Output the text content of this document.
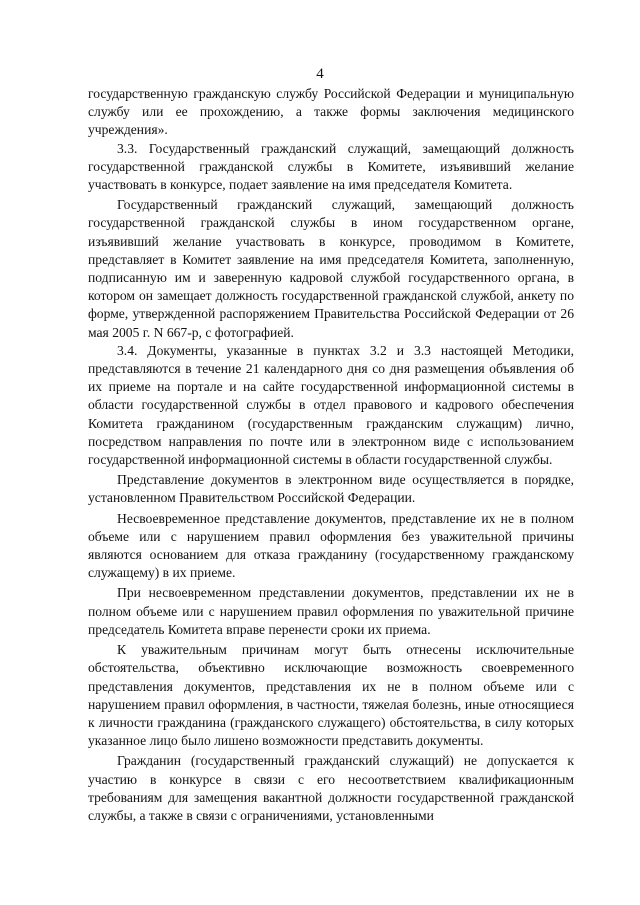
4

государственную гражданскую службу Российской Федерации и муниципальную службу или ее прохождению, а также формы заключения медицинского учреждения».

3.3. Государственный гражданский служащий, замещающий должность государственной гражданской службы в Комитете, изъявивший желание участвовать в конкурсе, подает заявление на имя председателя Комитета.

Государственный гражданский служащий, замещающий должность государственной гражданской службы в ином государственном органе, изъявивший желание участвовать в конкурсе, проводимом в Комитете, представляет в Комитет заявление на имя председателя Комитета, заполненную, подписанную им и заверенную кадровой службой государственного органа, в котором он замещает должность государственной гражданской службой, анкету по форме, утвержденной распоряжением Правительства Российской Федерации от 26 мая 2005 г. N 667-р, с фотографией.

3.4. Документы, указанные в пунктах 3.2 и 3.3 настоящей Методики, представляются в течение 21 календарного дня со дня размещения объявления об их приеме на портале и на сайте государственной информационной системы в области государственной службы в отдел правового и кадрового обеспечения Комитета гражданином (государственным гражданским служащим) лично, посредством направления по почте или в электронном виде с использованием государственной информационной системы в области государственной службы.

Представление документов в электронном виде осуществляется в порядке, установленном Правительством Российской Федерации.

Несвоевременное представление документов, представление их не в полном объеме или с нарушением правил оформления без уважительной причины являются основанием для отказа гражданину (государственному гражданскому служащему) в их приеме.

При несвоевременном представлении документов, представлении их не в полном объеме или с нарушением правил оформления по уважительной причине председатель Комитета вправе перенести сроки их приема.

К уважительным причинам могут быть отнесены исключительные обстоятельства, объективно исключающие возможность своевременного представления документов, представления их не в полном объеме или с нарушением правил оформления, в частности, тяжелая болезнь, иные относящиеся к личности гражданина (гражданского служащего) обстоятельства, в силу которых указанное лицо было лишено возможности представить документы.

Гражданин (государственный гражданский служащий) не допускается к участию в конкурсе в связи с его несоответствием квалификационным требованиям для замещения вакантной должности государственной гражданской службы, а также в связи с ограничениями, установленными
